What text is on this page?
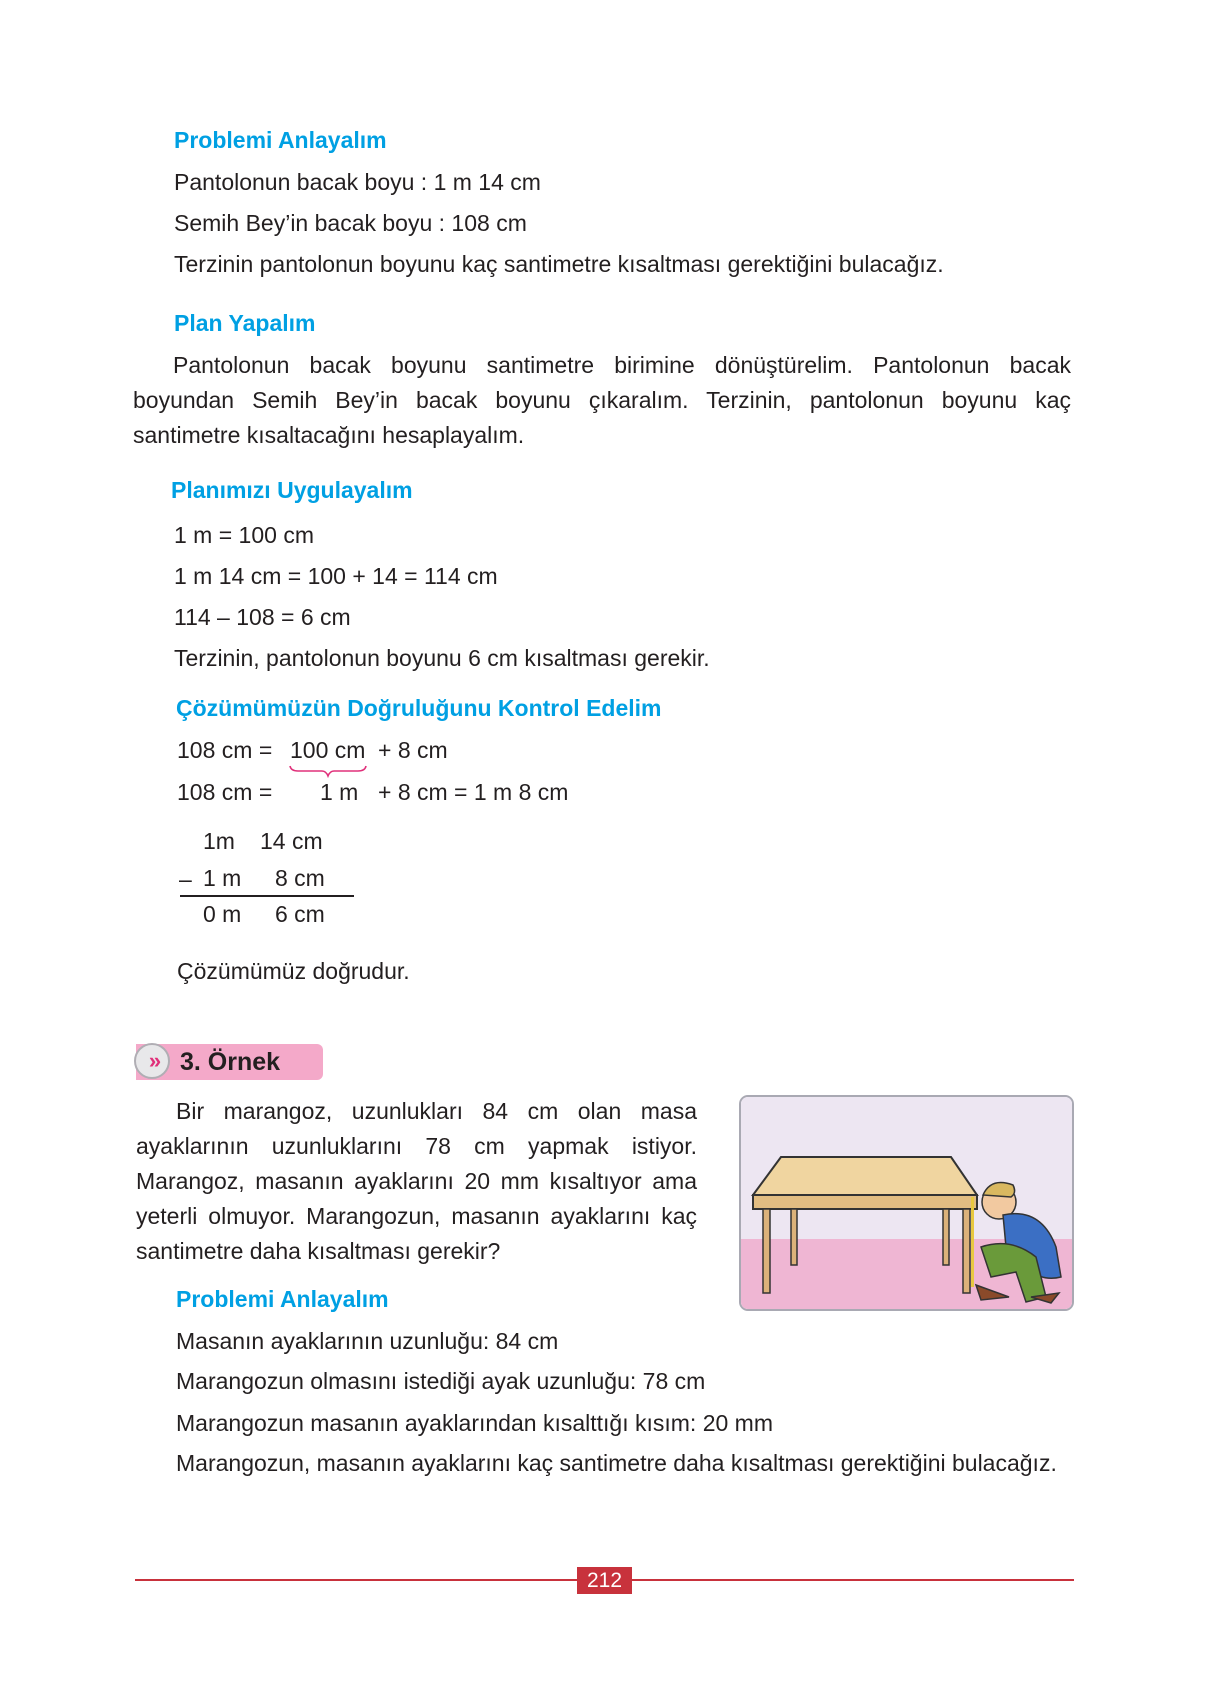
Problemi Anlayalım
Pantolonun bacak boyu : 1 m 14 cm
Semih Bey’in bacak boyu : 108 cm
Terzinin pantolonun boyunu kaç santimetre kısaltması gerektiğini bulacağız.
Plan Yapalım
Pantolonun bacak boyunu santimetre birimine dönüştürelim. Pantolonun bacak boyundan Semih Bey’in bacak boyunu çıkaralım. Terzinin, pantolonun boyunu kaç santimetre kısaltacağını hesaplayalım.
Planımızı Uygulayalım
1 m = 100 cm
1 m 14 cm = 100 + 14 = 114 cm
114 – 108 = 6 cm
Terzinin, pantolonun boyunu 6 cm kısaltması gerekir.
Çözümümüzün Doğruluğunu Kontrol Edelim
108 cm = 100 cm + 8 cm
108 cm = 1 m + 8 cm = 1 m 8 cm
1m 14 cm
– 1 m 8 cm
0 m 6 cm
Çözümümüz doğrudur.
» 3. Örnek
Bir marangoz, uzunlukları 84 cm olan masa ayaklarının uzunluklarını 78 cm yapmak istiyor. Marangoz, masanın ayaklarını 20 mm kısaltıyor ama yeterli olmuyor. Marangozun, masanın ayaklarını kaç santimetre daha kısaltması gerekir?
Problemi Anlayalım
Masanın ayaklarının uzunluğu: 84 cm
Marangozun olmasını istediği ayak uzunluğu: 78 cm
Marangozun masanın ayaklarından kısalttığı kısım: 20 mm
Marangozun, masanın ayaklarını kaç santimetre daha kısaltması gerektiğini bulacağız.
212
